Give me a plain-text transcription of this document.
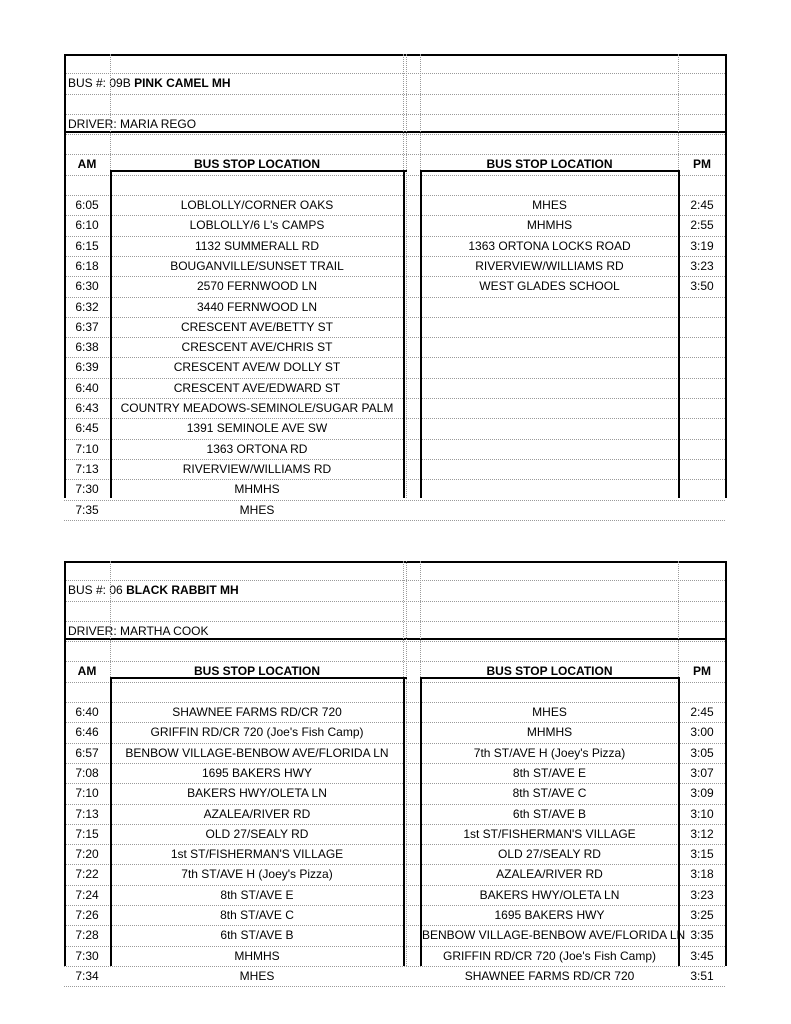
BUS #: 09B PINK CAMEL MH
DRIVER: MARIA REGO
AM	BUS STOP LOCATION	BUS STOP LOCATION	PM
6:05	LOBLOLLY/CORNER OAKS	MHES	2:45
6:10	LOBLOLLY/6 L's CAMPS	MHMHS	2:55
6:15	1132 SUMMERALL RD	1363 ORTONA LOCKS ROAD	3:19
6:18	BOUGANVILLE/SUNSET TRAIL	RIVERVIEW/WILLIAMS RD	3:23
6:30	2570 FERNWOOD LN	WEST GLADES SCHOOL	3:50
6:32	3440 FERNWOOD LN
6:37	CRESCENT AVE/BETTY ST
6:38	CRESCENT AVE/CHRIS ST
6:39	CRESCENT AVE/W DOLLY ST
6:40	CRESCENT AVE/EDWARD ST
6:43	COUNTRY MEADOWS-SEMINOLE/SUGAR PALM
6:45	1391 SEMINOLE AVE SW
7:10	1363 ORTONA RD
7:13	RIVERVIEW/WILLIAMS RD
7:30	MHMHS
7:35	MHES
BUS #: 06 BLACK RABBIT MH
DRIVER: MARTHA COOK
AM	BUS STOP LOCATION	BUS STOP LOCATION	PM
6:40	SHAWNEE FARMS RD/CR 720	MHES	2:45
6:46	GRIFFIN RD/CR 720 (Joe's Fish Camp)	MHMHS	3:00
6:57	BENBOW VILLAGE-BENBOW AVE/FLORIDA LN	7th ST/AVE H (Joey's Pizza)	3:05
7:08	1695 BAKERS HWY	8th ST/AVE E	3:07
7:10	BAKERS HWY/OLETA LN	8th ST/AVE C	3:09
7:13	AZALEA/RIVER RD	6th ST/AVE B	3:10
7:15	OLD 27/SEALY RD	1st ST/FISHERMAN'S VILLAGE	3:12
7:20	1st ST/FISHERMAN'S VILLAGE	OLD 27/SEALY RD	3:15
7:22	7th ST/AVE H (Joey's Pizza)	AZALEA/RIVER RD	3:18
7:24	8th ST/AVE E	BAKERS HWY/OLETA LN	3:23
7:26	8th ST/AVE C	1695 BAKERS HWY	3:25
7:28	6th ST/AVE B	BENBOW VILLAGE-BENBOW AVE/FLORIDA LN 3:35
7:30	MHMHS	GRIFFIN RD/CR 720 (Joe's Fish Camp)	3:45
7:34	MHES	SHAWNEE FARMS RD/CR 720	3:51
